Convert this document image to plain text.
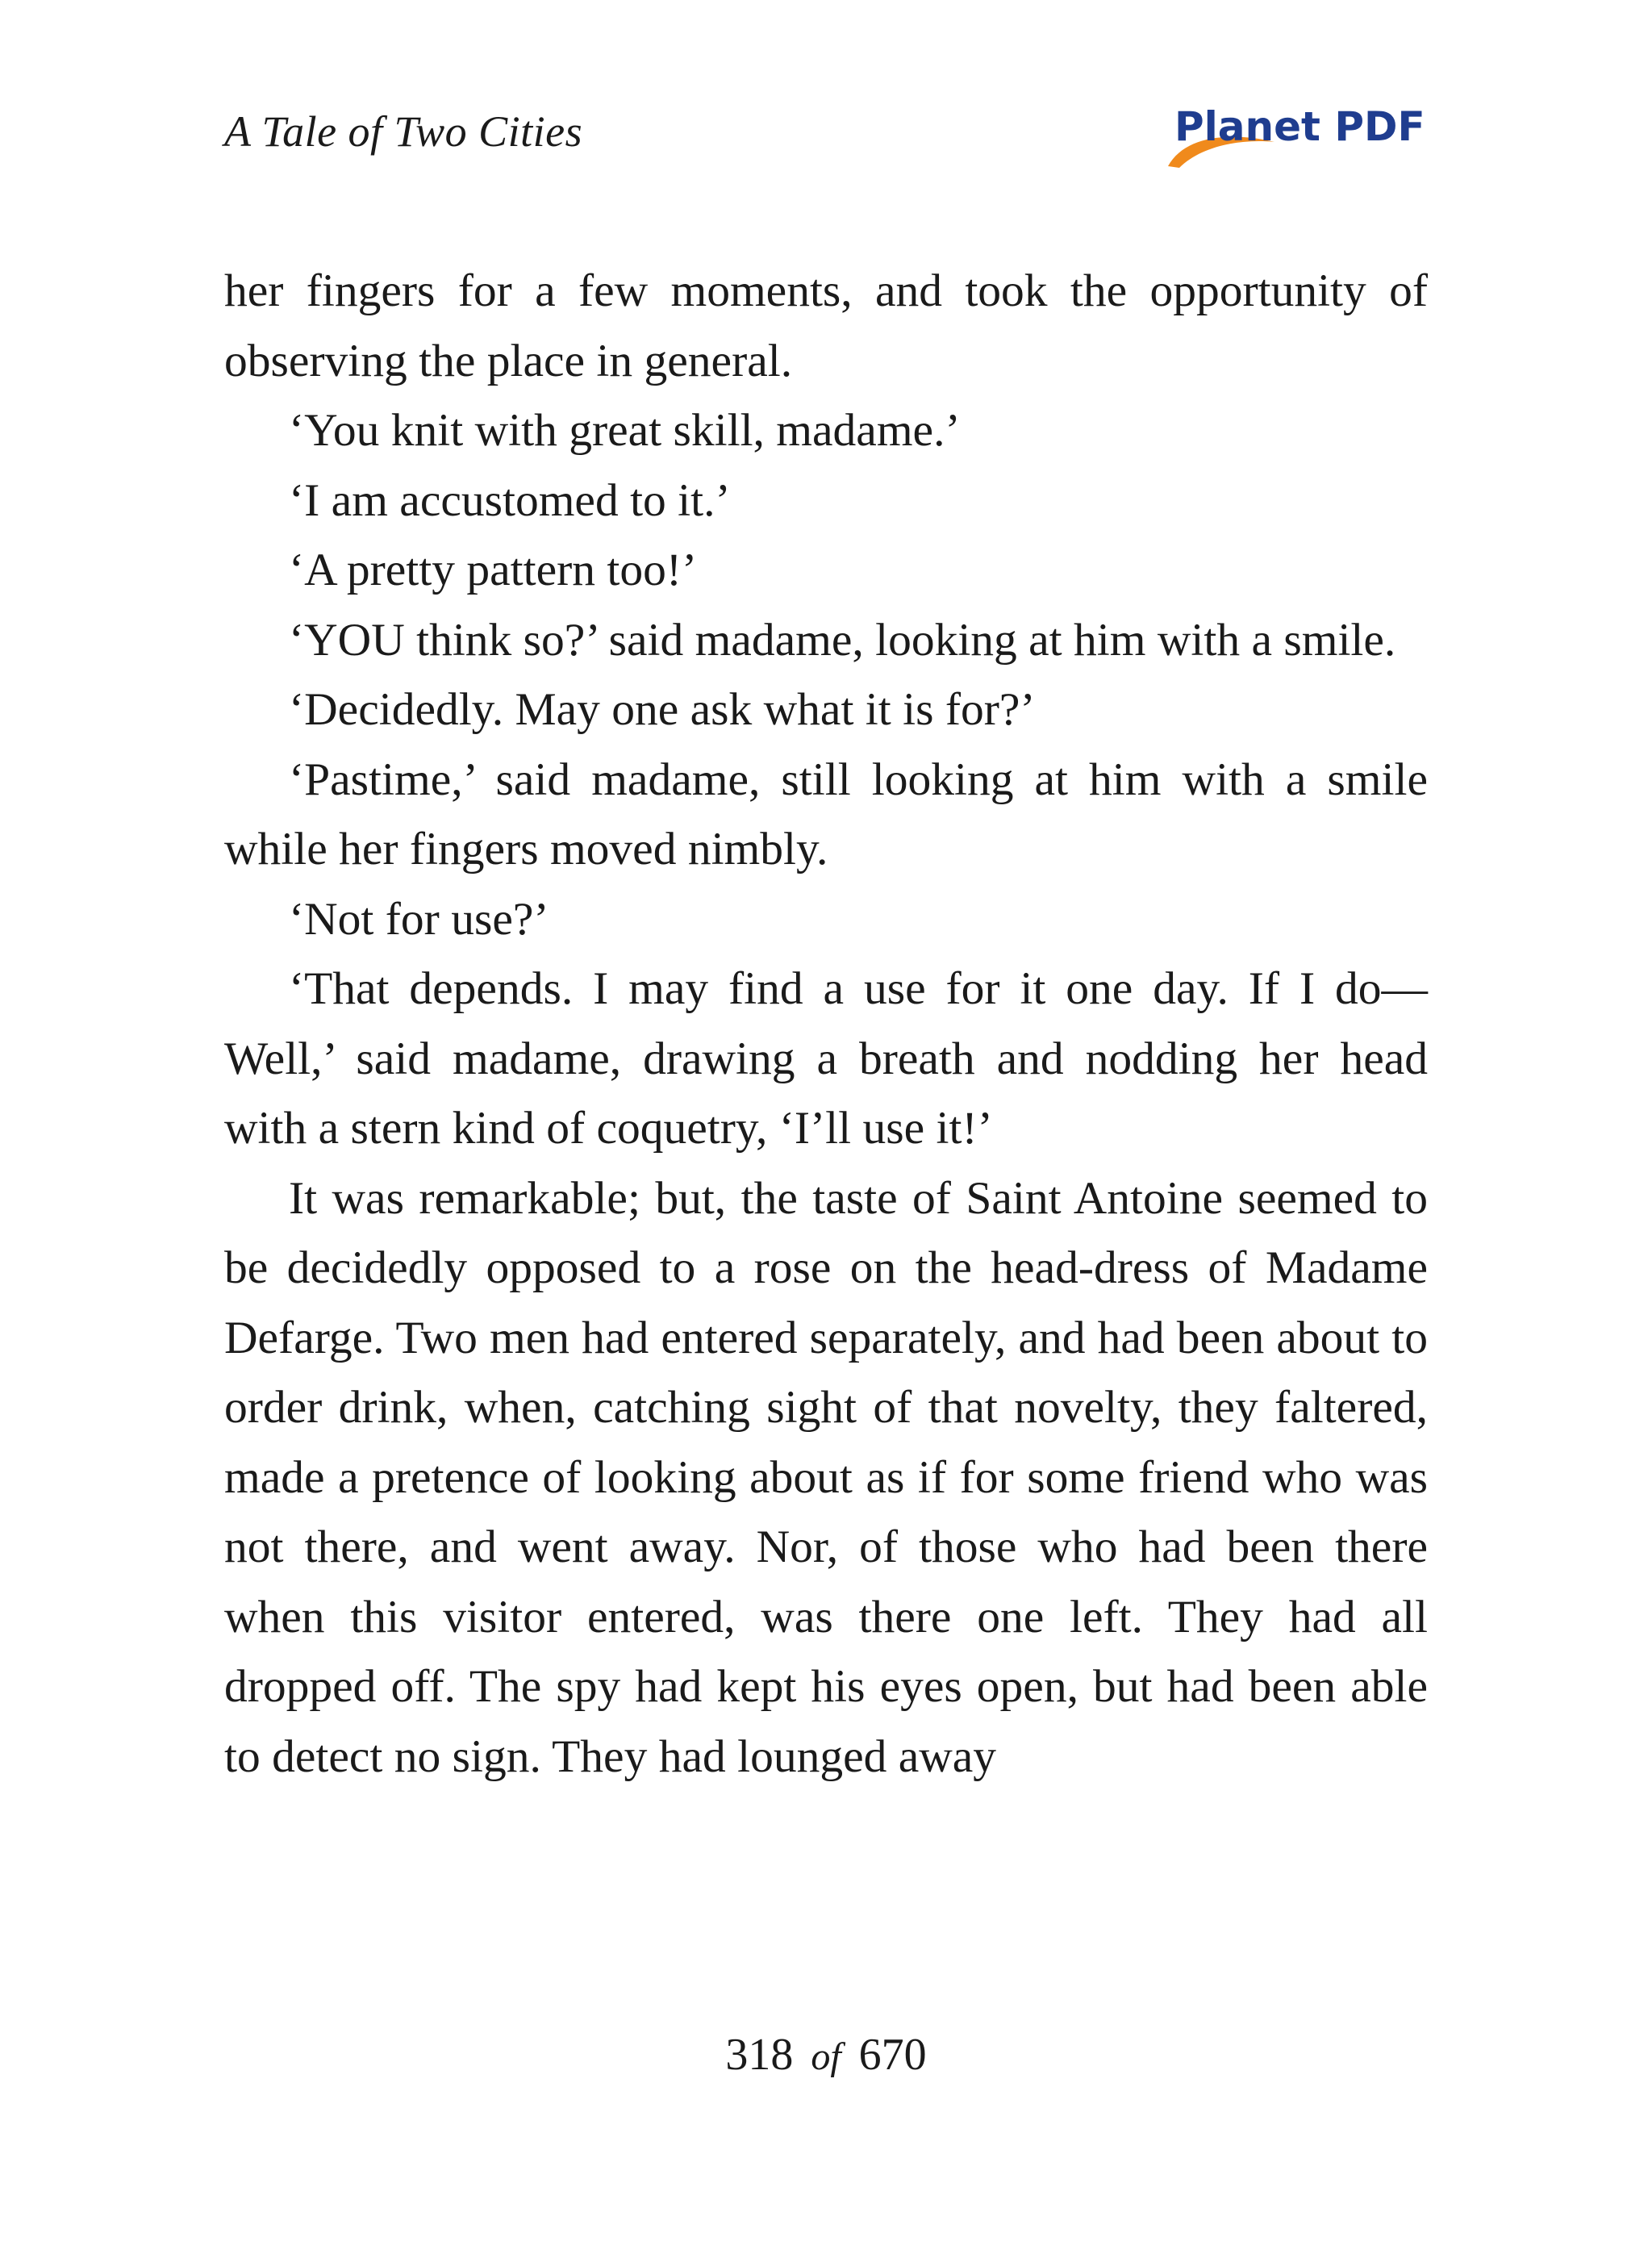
A Tale of Two Cities	Planet PDF

her fingers for a few moments, and took the opportunity of observing the place in general.

‘You knit with great skill, madame.’

‘I am accustomed to it.’

‘A pretty pattern too!’

‘YOU think so?’ said madame, looking at him with a smile.

‘Decidedly. May one ask what it is for?’

‘Pastime,’ said madame, still looking at him with a smile while her fingers moved nimbly.

‘Not for use?’

‘That depends. I may find a use for it one day. If I do— Well,’ said madame, drawing a breath and nodding her head with a stern kind of coquetry, ‘I’ll use it!’

It was remarkable; but, the taste of Saint Antoine seemed to be decidedly opposed to a rose on the head-dress of Madame Defarge. Two men had entered separately, and had been about to order drink, when, catching sight of that novelty, they faltered, made a pretence of looking about as if for some friend who was not there, and went away. Nor, of those who had been there when this visitor entered, was there one left. They had all dropped off. The spy had kept his eyes open, but had been able to detect no sign. They had lounged away

318 of 670
